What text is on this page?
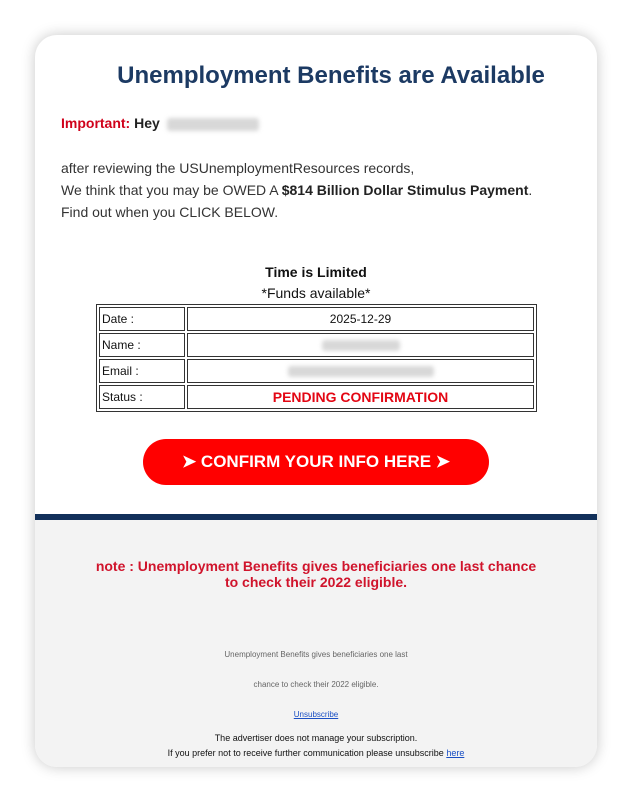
Unemployment Benefits are Available
Important: Hey
after reviewing the USUnemploymentResources records,
We think that you may be OWED A $814 Billion Dollar Stimulus Payment.
Find out when you CLICK BELOW.
Time is Limited
*Funds available*
Date :	2025-12-29
Name :	
Email :	
Status :	PENDING CONFIRMATION
➤ CONFIRM YOUR INFO HERE ➤
note : Unemployment Benefits gives beneficiaries one last chance
to check their 2022 eligible.
Unemployment Benefits gives beneficiaries one last
chance to check their 2022 eligible.
Unsubscribe
The advertiser does not manage your subscription.
If you prefer not to receive further communication please unsubscribe here
